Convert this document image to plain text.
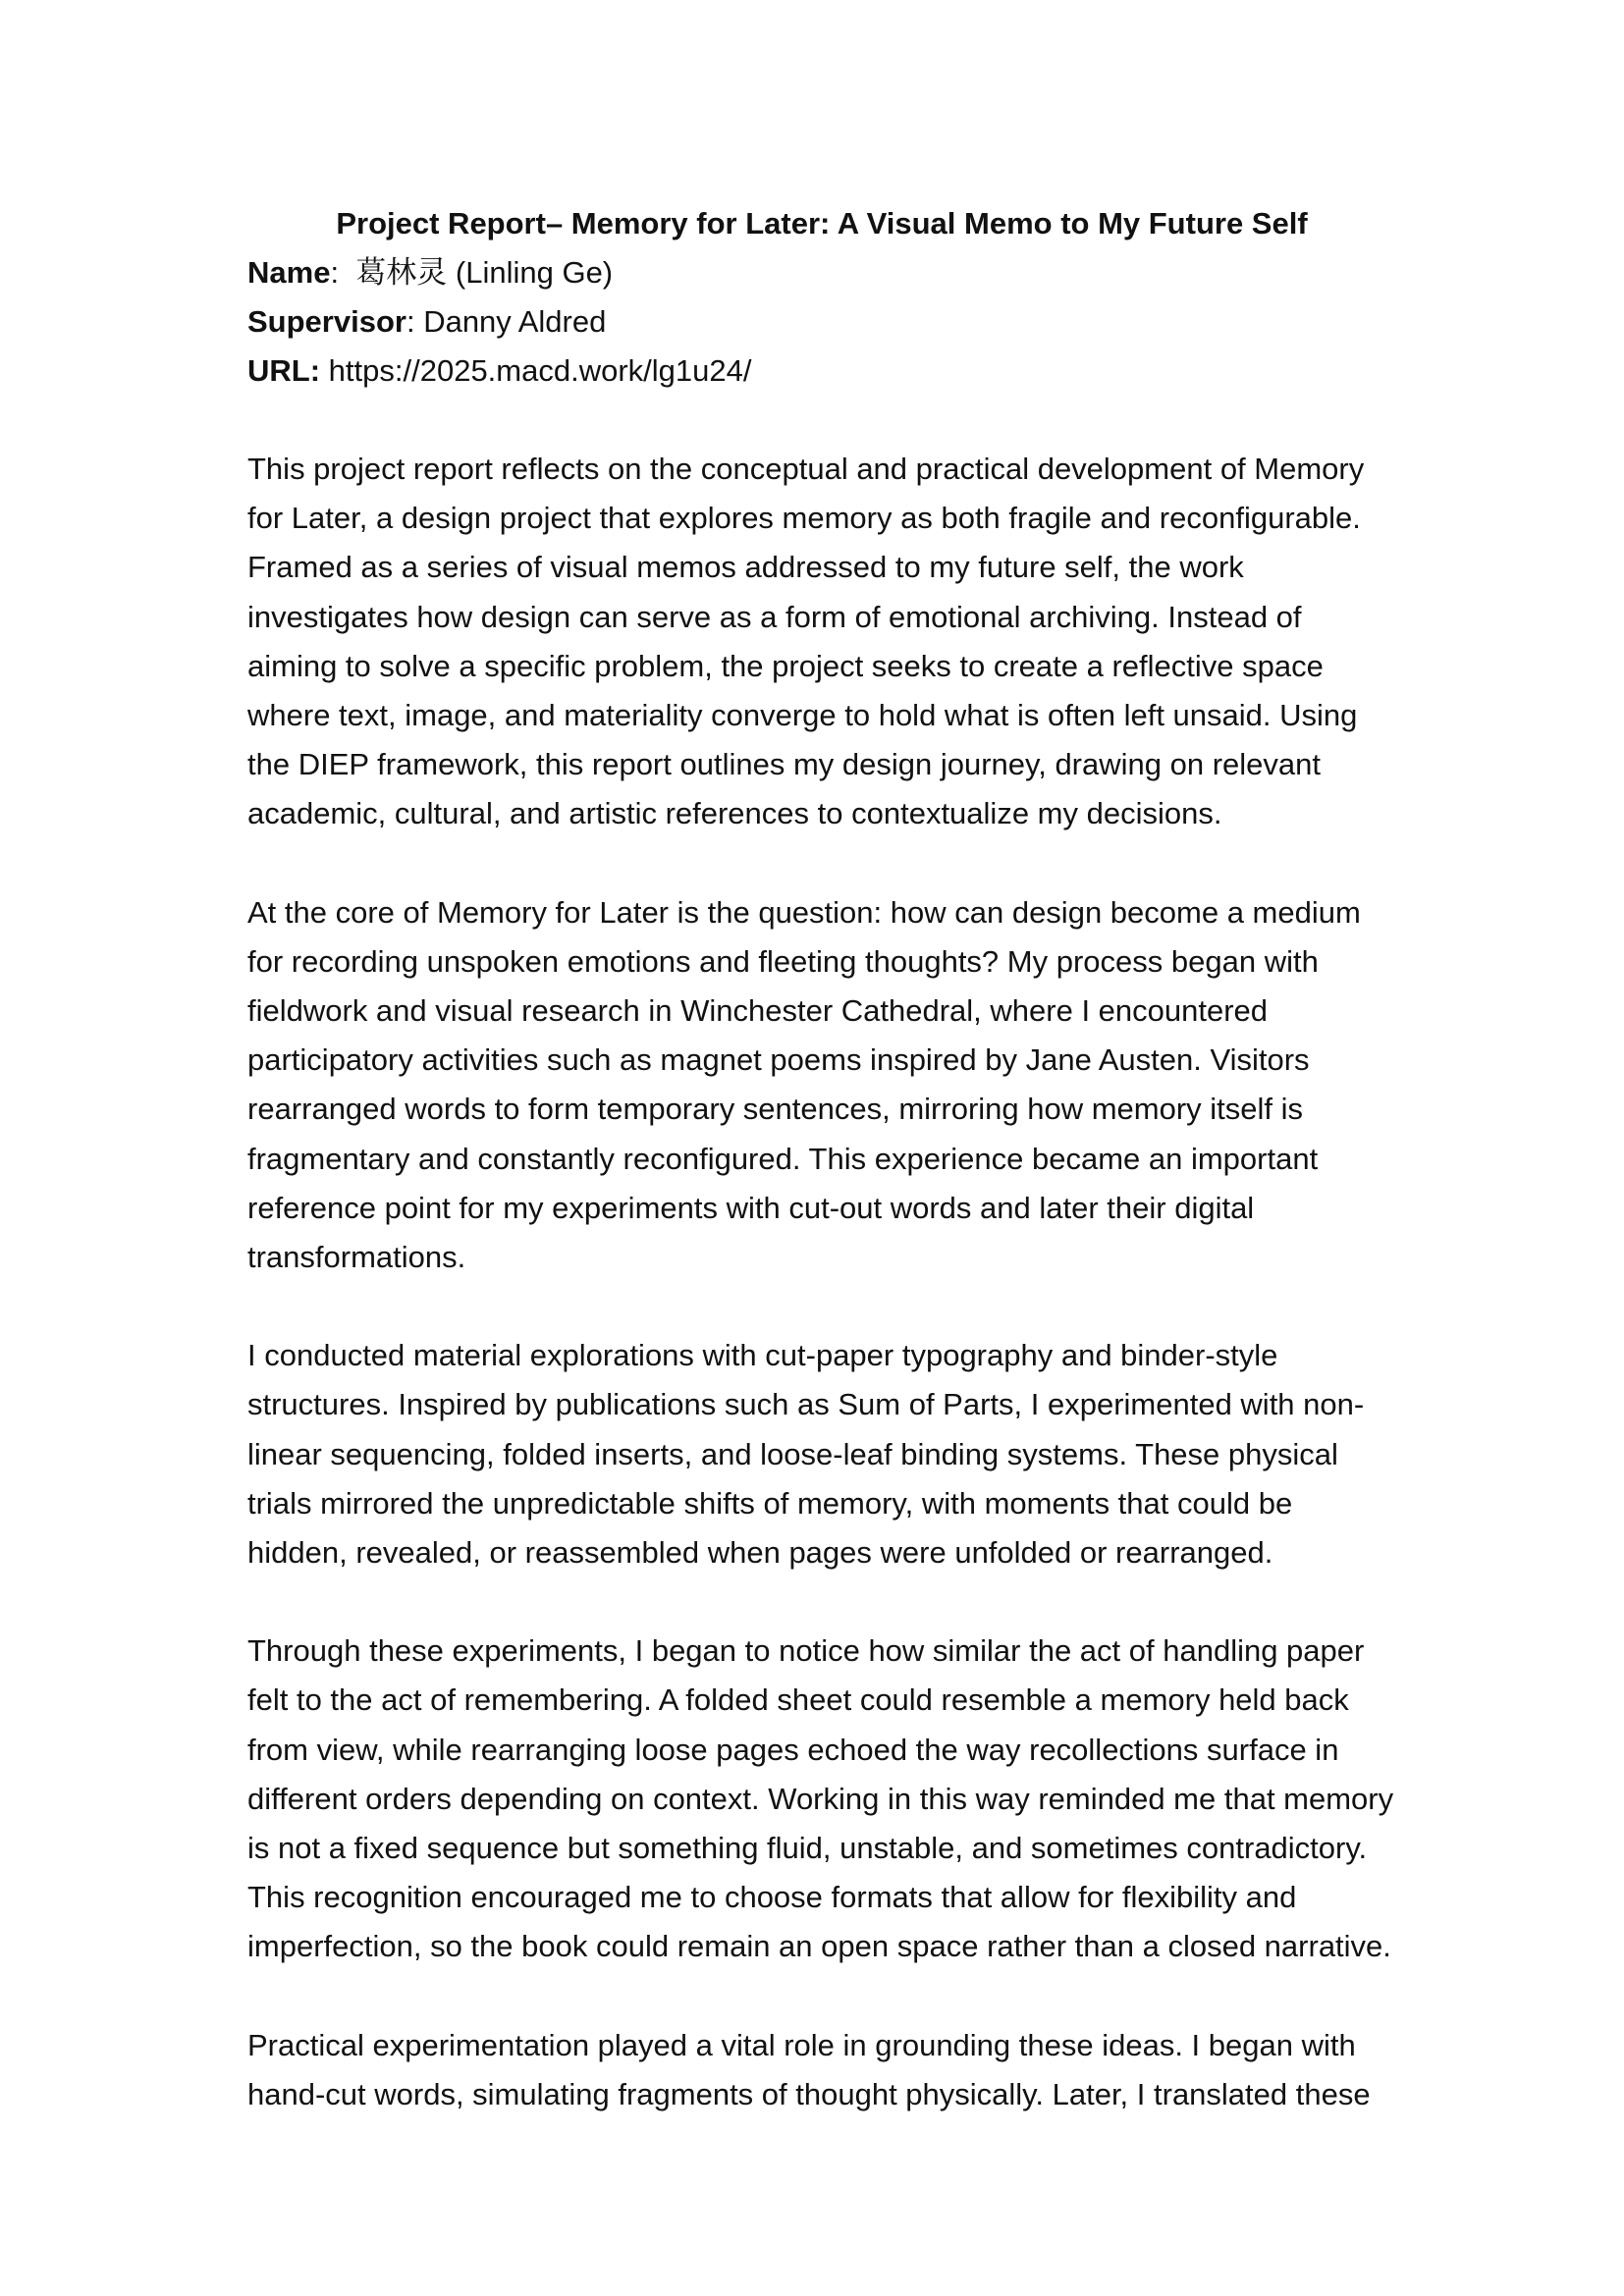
Project Report– Memory for Later: A Visual Memo to My Future Self

Name:  葛林灵 (Linling Ge)

Supervisor: Danny Aldred

URL: https://2025.macd.work/lg1u24/

This project report reflects on the conceptual and practical development of Memory for Later, a design project that explores memory as both fragile and reconfigurable. Framed as a series of visual memos addressed to my future self, the work investigates how design can serve as a form of emotional archiving. Instead of aiming to solve a specific problem, the project seeks to create a reflective space where text, image, and materiality converge to hold what is often left unsaid. Using the DIEP framework, this report outlines my design journey, drawing on relevant academic, cultural, and artistic references to contextualize my decisions.

At the core of Memory for Later is the question: how can design become a medium for recording unspoken emotions and fleeting thoughts? My process began with fieldwork and visual research in Winchester Cathedral, where I encountered participatory activities such as magnet poems inspired by Jane Austen. Visitors rearranged words to form temporary sentences, mirroring how memory itself is fragmentary and constantly reconfigured. This experience became an important reference point for my experiments with cut-out words and later their digital transformations.

I conducted material explorations with cut-paper typography and binder-style structures. Inspired by publications such as Sum of Parts, I experimented with non-linear sequencing, folded inserts, and loose-leaf binding systems. These physical trials mirrored the unpredictable shifts of memory, with moments that could be hidden, revealed, or reassembled when pages were unfolded or rearranged.

Through these experiments, I began to notice how similar the act of handling paper felt to the act of remembering. A folded sheet could resemble a memory held back from view, while rearranging loose pages echoed the way recollections surface in different orders depending on context. Working in this way reminded me that memory is not a fixed sequence but something fluid, unstable, and sometimes contradictory. This recognition encouraged me to choose formats that allow for flexibility and imperfection, so the book could remain an open space rather than a closed narrative.

Practical experimentation played a vital role in grounding these ideas. I began with hand-cut words, simulating fragments of thought physically. Later, I translated these
